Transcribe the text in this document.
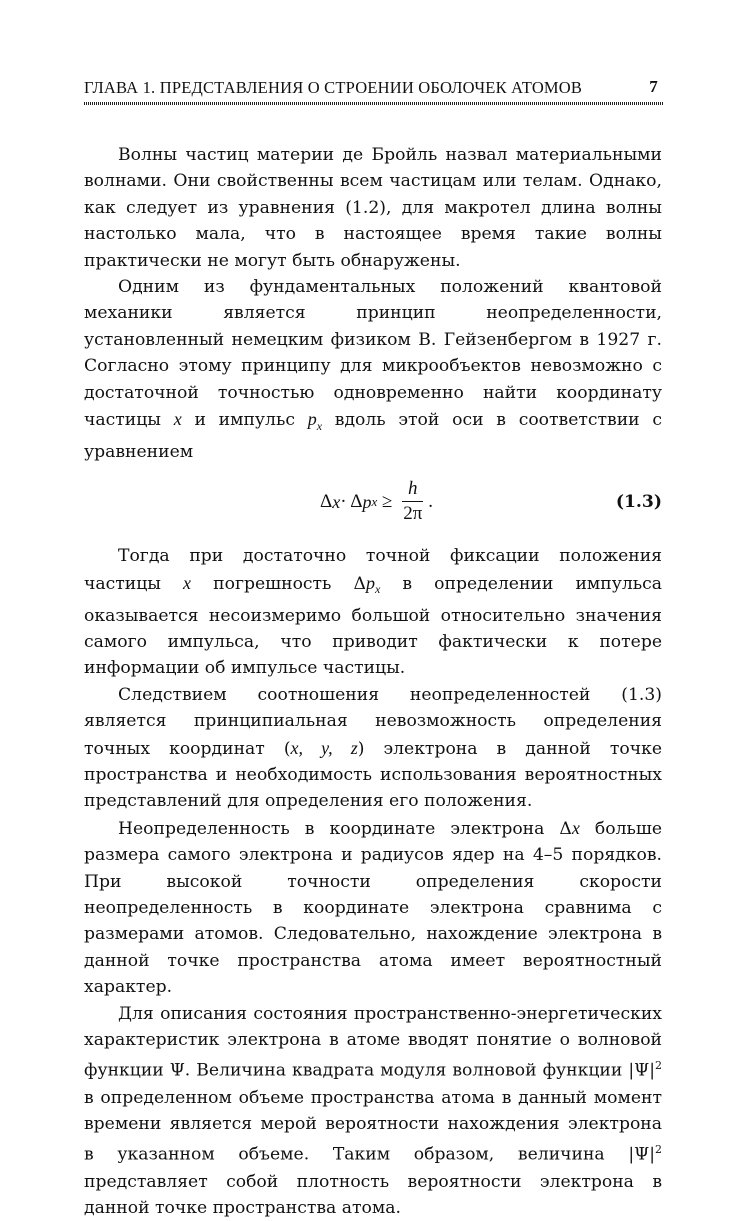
ГЛАВА 1. ПРЕДСТАВЛЕНИЯ О СТРОЕНИИ ОБОЛОЧЕК АТОМОВ	7

Волны частиц материи де Бройль назвал материальными волнами. Они свойственны всем частицам или телам. Однако, как следует из уравнения (1.2), для макротел длина волны настолько мала, что в настоящее время такие волны практически не могут быть обнаружены.

Одним из фундаментальных положений квантовой механики является принцип неопределенности, установленный немецким физиком В. Гейзенбергом в 1927 г. Согласно этому принципу для микрообъектов невозможно с достаточной точностью одновременно найти координату частицы x и импульс $p_x$ вдоль этой оси в соответствии с уравнением

Δ x · Δ p $x \ge \frac{h}{2\pi}$ .	(1.3)

Тогда при достаточно точной фиксации положения частицы x погрешность $\Delta p_x$ в определении импульса оказывается несоизмеримо большой относительно значения самого импульса, что приводит фактически к потере информации об импульсе частицы.

Следствием соотношения неопределенностей (1.3) является принципиальная невозможность определения точных координат (x, y, z) электрона в данной точке пространства и необходимость использования вероятностных представлений для определения его положения.

Неопределенность в координате электрона Δx больше размера самого электрона и радиусов ядер на 4–5 порядков. При высокой точности определения скорости неопределенность в координате электрона сравнима с размерами атомов. Следовательно, нахождение электрона в данной точке пространства атома имеет вероятностный характер.

Для описания состояния пространственно-энергетических характеристик электрона в атоме вводят понятие о волновой функции Ψ. Величина квадрата модуля волновой функции $|\Psi|^2$ в определенном объеме пространства атома в данный момент времени является мерой вероятности нахождения электрона в указанном объеме. Таким образом, величина $|\Psi|^2$ представляет собой плотность вероятности электрона в данной точке пространства атома.
